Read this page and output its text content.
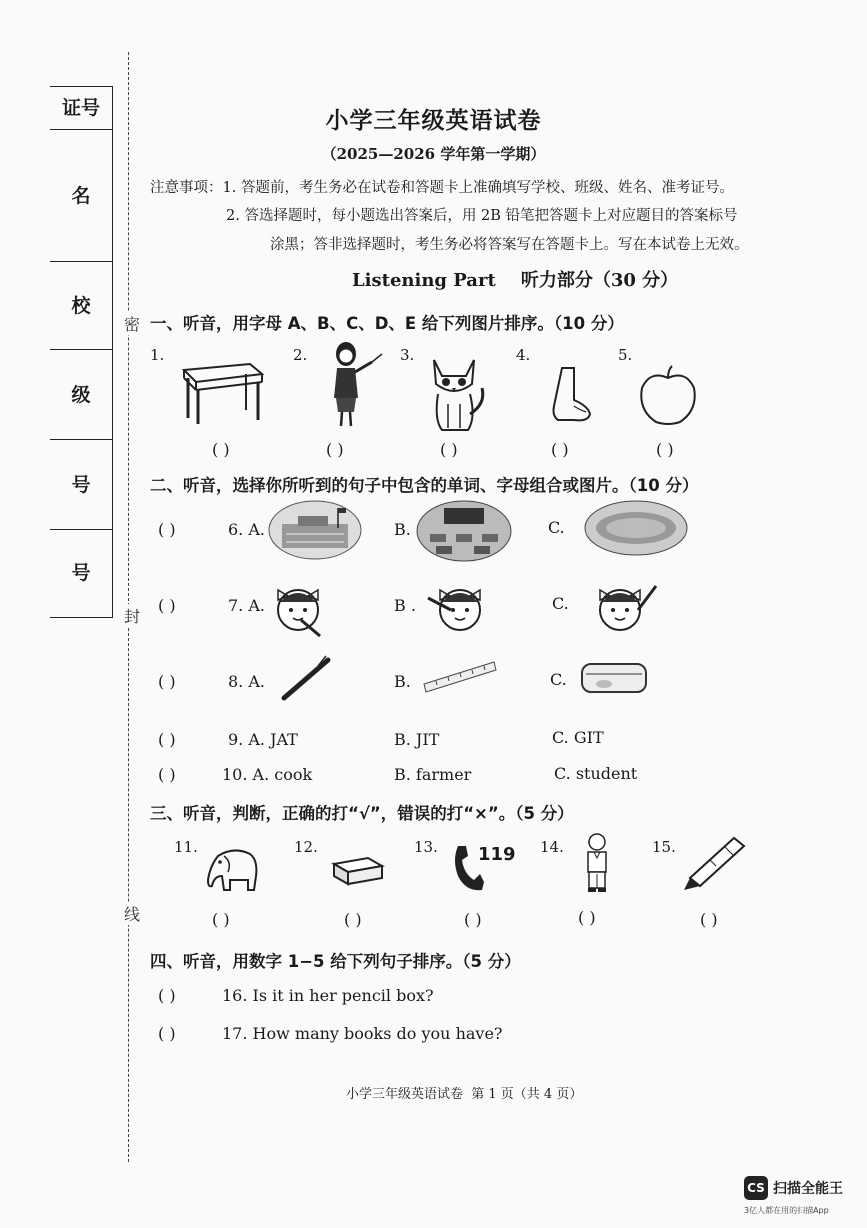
证号
名
校
级
号
号
密
封
线
小学三年级英语试卷
（2025—2026 学年第一学期）
注意事项：1. 答题前，考生务必在试卷和答题卡上准确填写学校、班级、姓名、准考证号。
2. 答选择题时，每小题选出答案后，用 2B 铅笔把答题卡上对应题目的答案标号
涂黑；答非选择题时，考生务必将答案写在答题卡上。写在本试卷上无效。
Listening Part    听力部分（30 分）
一、听音，用字母 A、B、C、D、E 给下列图片排序。（10 分）
1.
( )
2.
( )
3.
( )
4.
( )
5.
( )
二、听音，选择你所听到的句子中包含的单词、字母组合或图片。（10 分）
( )	6. A.	B.	C.
( )	7. A.	B .	C.
( )	8. A.	B.	C.
( )	9. A. JAT	B. JIT	C. GIT
( )	10. A. cook	B. farmer	C. student
三、听音，判断，正确的打“√”，错误的打“×”。（5 分）
11.
( )
12.
( )
13. 119
( )
14.
( )
15.
( )
四、听音，用数字 1−5 给下列句子排序。（5 分）
( )	16. Is it in her pencil box?
( )	17. How many books do you have?
小学三年级英语试卷  第 1 页（共 4 页）
CS 扫描全能王
3亿人都在用的扫描App
